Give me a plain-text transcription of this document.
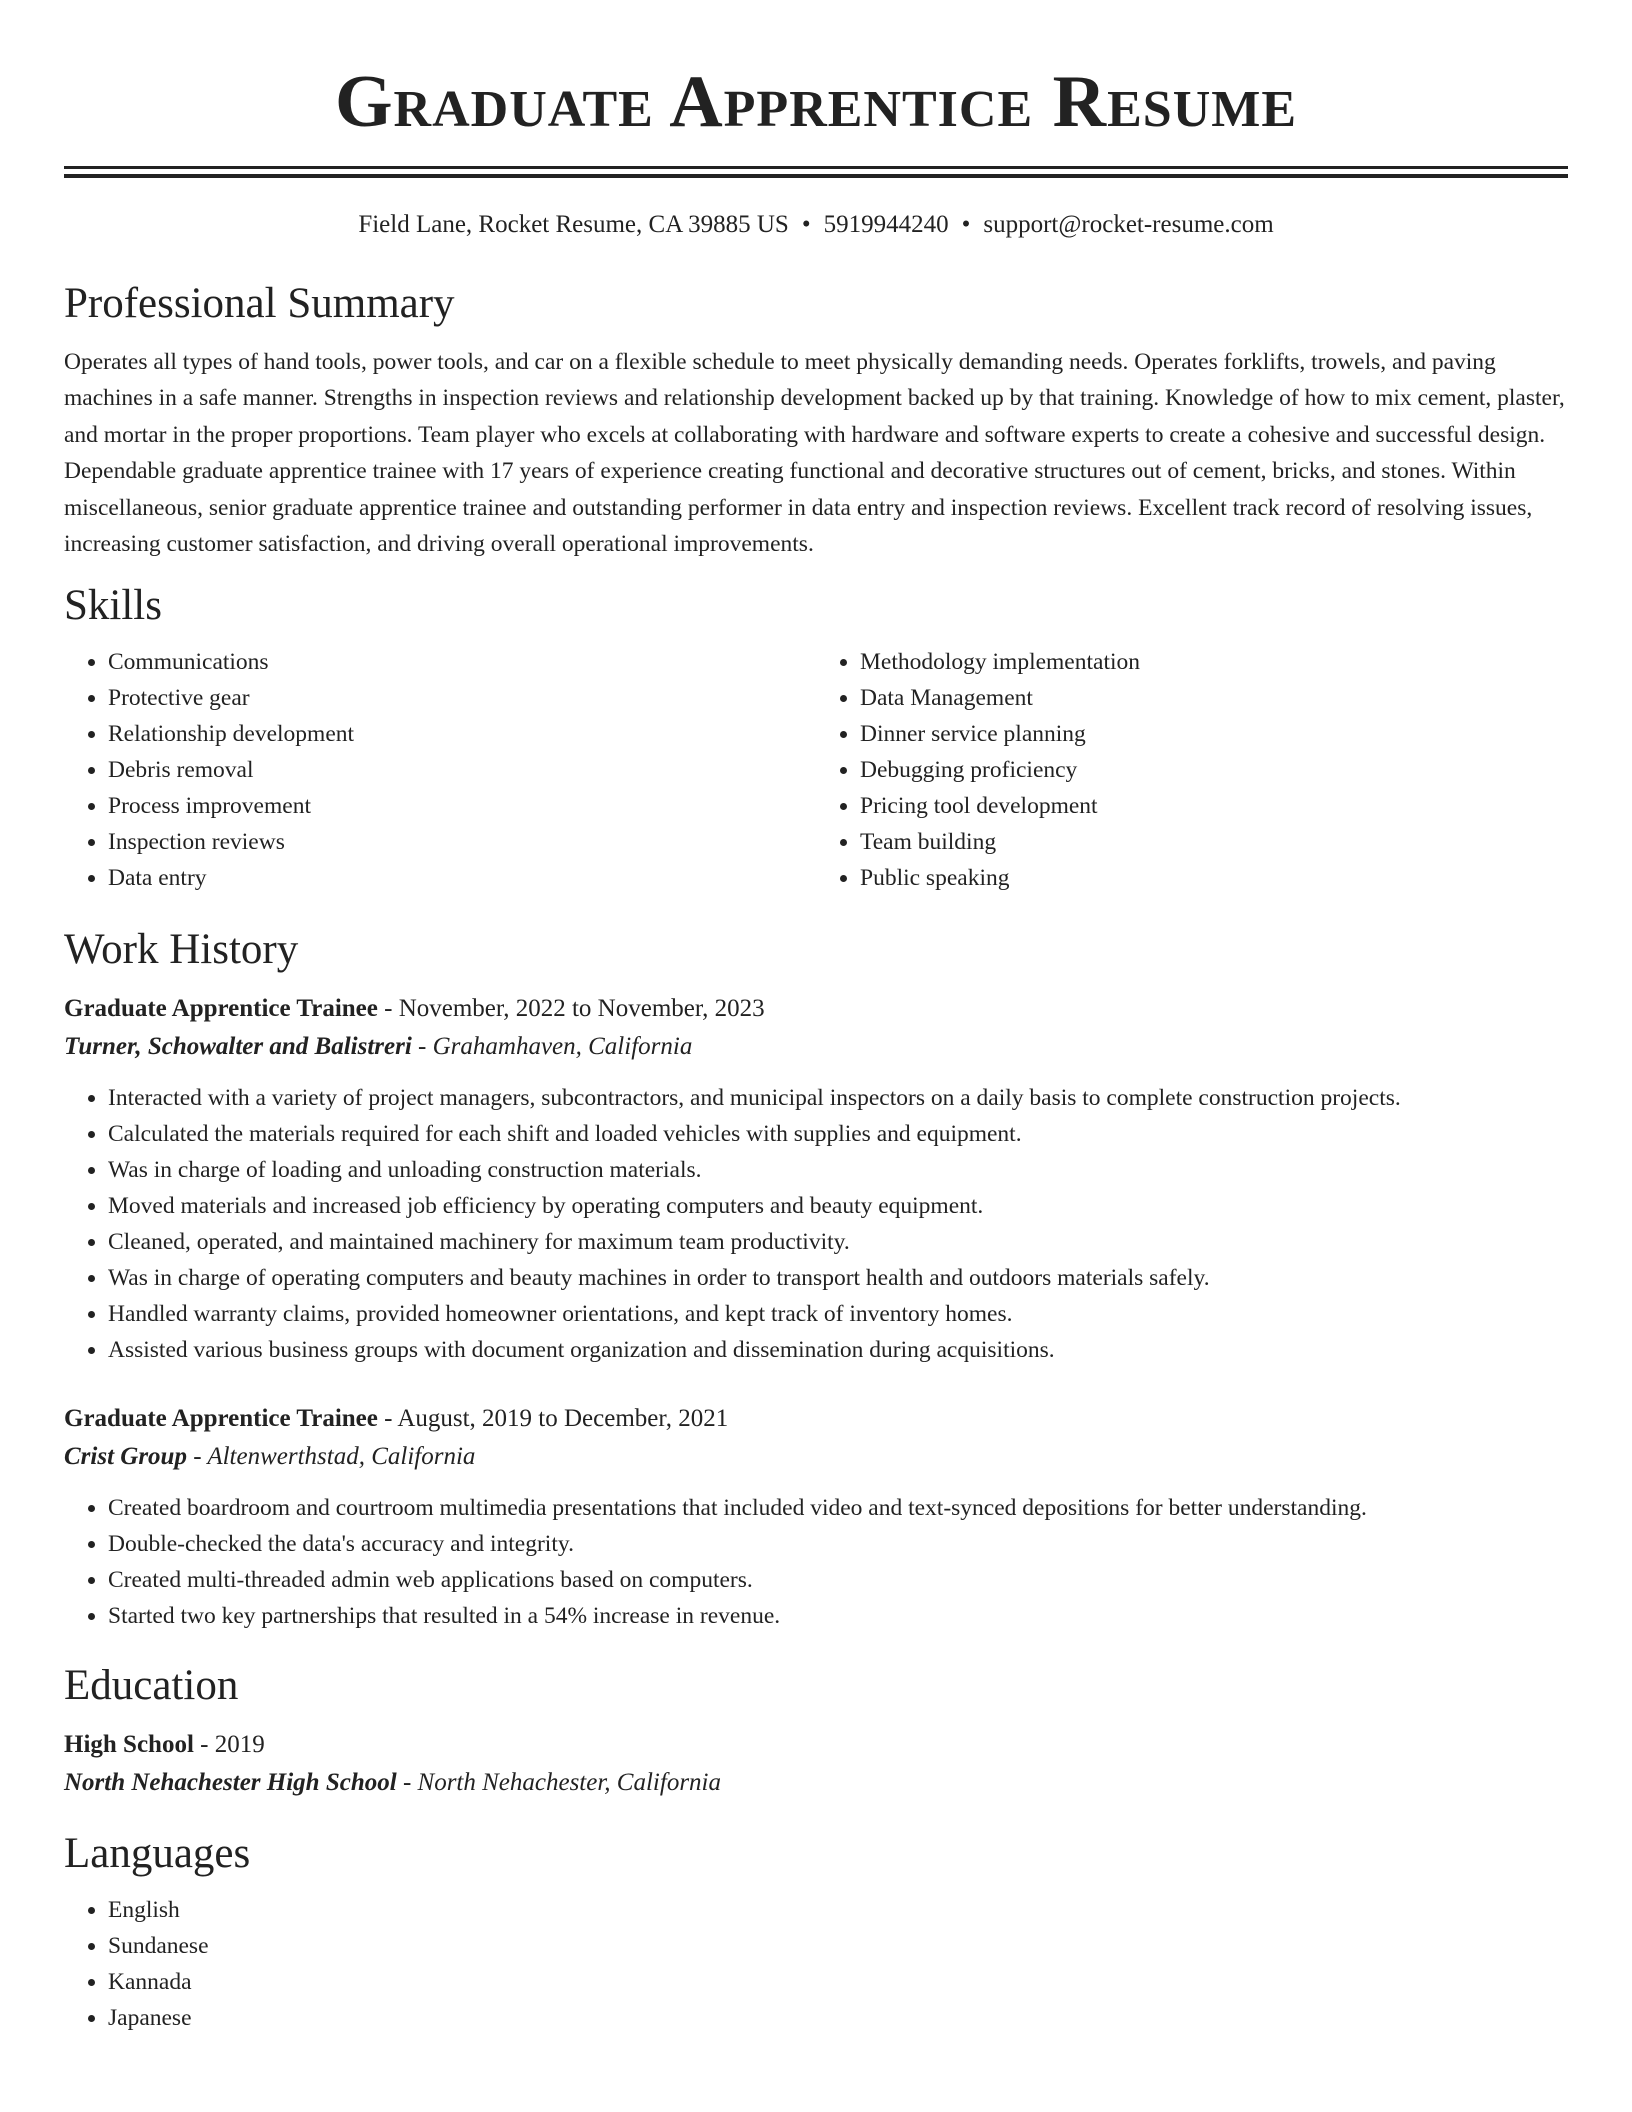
Graduate Apprentice Resume
Field Lane, Rocket Resume, CA 39885 US • 5919944240 • support@rocket-resume.com
Professional Summary

Operates all types of hand tools, power tools, and car on a flexible schedule to meet physically demanding needs. Operates forklifts, trowels, and paving machines in a safe manner. Strengths in inspection reviews and relationship development backed up by that training. Knowledge of how to mix cement, plaster, and mortar in the proper proportions. Team player who excels at collaborating with hardware and software experts to create a cohesive and successful design. Dependable graduate apprentice trainee with 17 years of experience creating functional and decorative structures out of cement, bricks, and stones. Within miscellaneous, senior graduate apprentice trainee and outstanding performer in data entry and inspection reviews. Excellent track record of resolving issues, increasing customer satisfaction, and driving overall operational improvements.

Skills
• Communications
• Protective gear
• Relationship development
• Debris removal
• Process improvement
• Inspection reviews
• Data entry
• Methodology implementation
• Data Management
• Dinner service planning
• Debugging proficiency
• Pricing tool development
• Team building
• Public speaking
Work History
Graduate Apprentice Trainee - November, 2022 to November, 2023
Turner, Schowalter and Balistreri - Grahamhaven, California
• Interacted with a variety of project managers, subcontractors, and municipal inspectors on a daily basis to complete construction projects.
• Calculated the materials required for each shift and loaded vehicles with supplies and equipment.
• Was in charge of loading and unloading construction materials.
• Moved materials and increased job efficiency by operating computers and beauty equipment.
• Cleaned, operated, and maintained machinery for maximum team productivity.
• Was in charge of operating computers and beauty machines in order to transport health and outdoors materials safely.
• Handled warranty claims, provided homeowner orientations, and kept track of inventory homes.
• Assisted various business groups with document organization and dissemination during acquisitions.
Graduate Apprentice Trainee - August, 2019 to December, 2021
Crist Group - Altenwerthstad, California
• Created boardroom and courtroom multimedia presentations that included video and text-synced depositions for better understanding.
• Double-checked the data's accuracy and integrity.
• Created multi-threaded admin web applications based on computers.
• Started two key partnerships that resulted in a 54% increase in revenue.
Education
High School - 2019
North Nehachester High School - North Nehachester, California
Languages
• English
• Sundanese
• Kannada
• Japanese
